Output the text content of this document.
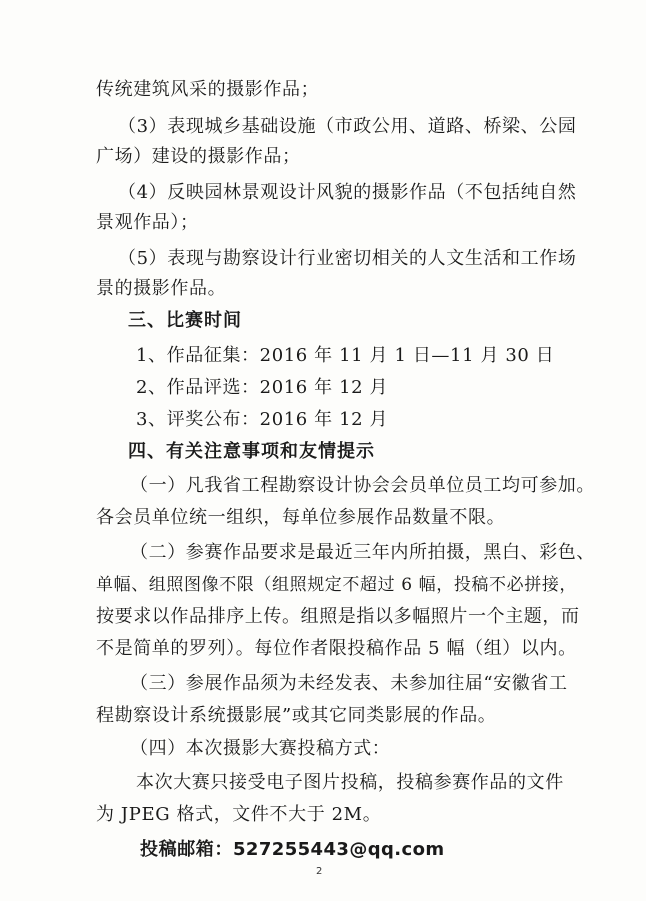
传统建筑风采的摄影作品；
（3）表现城乡基础设施（市政公用、道路、桥梁、公园
广场）建设的摄影作品；
（4）反映园林景观设计风貌的摄影作品（不包括纯自然
景观作品）；
（5）表现与勘察设计行业密切相关的人文生活和工作场
景的摄影作品。
三、比赛时间
1、作品征集：2016 年 11 月 1 日—11 月 30 日
2、作品评选：2016 年 12 月
3、评奖公布：2016 年 12 月
四、有关注意事项和友情提示
（一）凡我省工程勘察设计协会会员单位员工均可参加。
各会员单位统一组织，每单位参展作品数量不限。
（二）参赛作品要求是最近三年内所拍摄，黑白、彩色、
单幅、组照图像不限（组照规定不超过 6 幅，投稿不必拼接，
按要求以作品排序上传。组照是指以多幅照片一个主题，而
不是简单的罗列）。每位作者限投稿作品 5 幅（组）以内。
（三）参展作品须为未经发表、未参加往届“安徽省工
程勘察设计系统摄影展”或其它同类影展的作品。
（四）本次摄影大赛投稿方式：
本次大赛只接受电子图片投稿，投稿参赛作品的文件
为 JPEG 格式，文件不大于 2M。
投稿邮箱：527255443@qq.com
2
